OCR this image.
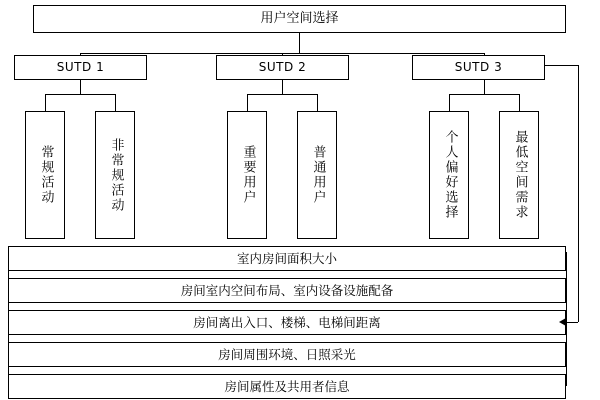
用户空间选择
SUTD 1	SUTD 2	SUTD 3
常规活动	非常规活动	重要用户	普通用户	个人偏好选择	最低空间需求
室内房间面积大小
房间室内空间布局、室内设备设施配备
房间离出入口、楼梯、电梯间距离
房间周围环境、日照采光
房间属性及共用者信息
